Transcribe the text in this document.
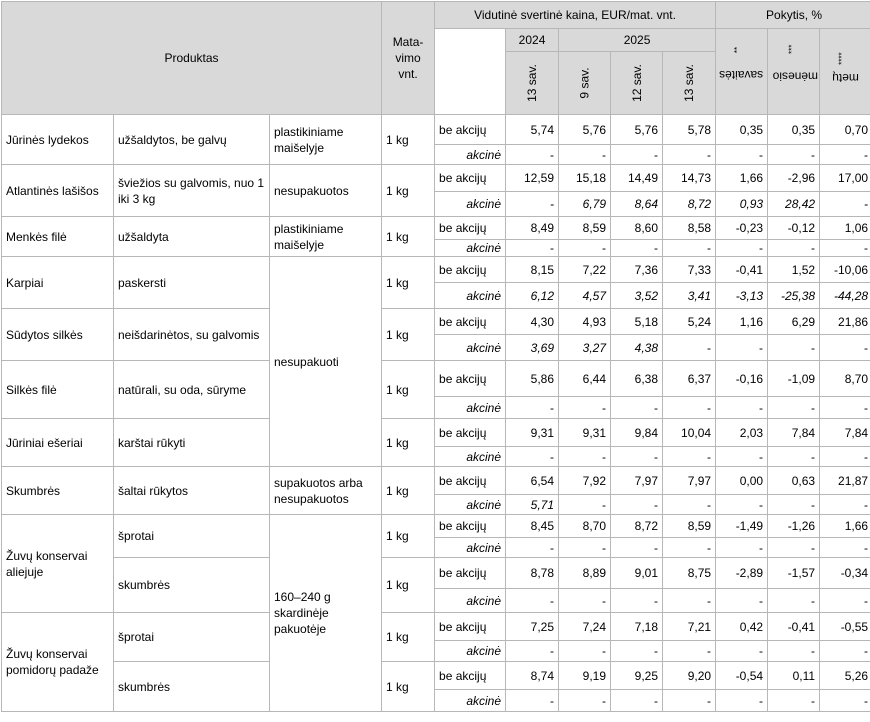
Produktas			Mata-vimo vnt.	Vidutinė svertinė kaina, EUR/mat. vnt.					Pokytis, %		
					2024	2025			savaitės**	mėnesio***	metų****
					13 sav.	9 sav.	12 sav.	13 sav.			
Jūrinės lydekos	užšaldytos, be galvų	plastikiniame maišelyje	1 kg	be akcijų	5,74	5,76	5,76	5,78	0,35	0,35	0,70
				akcinė	-	-	-	-	-	-	-
Atlantinės lašišos	šviežios su galvomis, nuo 1 iki 3 kg	nesupakuotos	1 kg	be akcijų	12,59	15,18	14,49	14,73	1,66	-2,96	17,00
				akcinė	-	6,79	8,64	8,72	0,93	28,42	-
Menkės filė	užšaldyta	plastikiniame maišelyje	1 kg	be akcijų	8,49	8,59	8,60	8,58	-0,23	-0,12	1,06
				akcinė	-	-	-	-	-	-	-
Karpiai	paskersti	nesupakuoti	1 kg	be akcijų	8,15	7,22	7,36	7,33	-0,41	1,52	-10,06
				akcinė	6,12	4,57	3,52	3,41	-3,13	-25,38	-44,28
Sūdytos silkės	neišdarinėtos, su galvomis		1 kg	be akcijų	4,30	4,93	5,18	5,24	1,16	6,29	21,86
				akcinė	3,69	3,27	4,38	-	-	-	-
Silkės filė	natūrali, su oda, sūryme		1 kg	be akcijų	5,86	6,44	6,38	6,37	-0,16	-1,09	8,70
				akcinė	-	-	-	-	-	-	-
Jūriniai ešeriai	karštai rūkyti		1 kg	be akcijų	9,31	9,31	9,84	10,04	2,03	7,84	7,84
				akcinė	-	-	-	-	-	-	-
Skumbrės	šaltai rūkytos	supakuotos arba nesupakuotos	1 kg	be akcijų	6,54	7,92	7,97	7,97	0,00	0,63	21,87
				akcinė	5,71	-	-	-	-	-	-
Žuvų konservai aliejuje	šprotai	160–240 g skardinėje pakuotėje	1 kg	be akcijų	8,45	8,70	8,72	8,59	-1,49	-1,26	1,66
				akcinė	-	-	-	-	-	-	-
	skumbrės		1 kg	be akcijų	8,78	8,89	9,01	8,75	-2,89	-1,57	-0,34
				akcinė	-	-	-	-	-	-	-
Žuvų konservai pomidorų padaže	šprotai		1 kg	be akcijų	7,25	7,24	7,18	7,21	0,42	-0,41	-0,55
				akcinė	-	-	-	-	-	-	-
	skumbrės		1 kg	be akcijų	8,74	9,19	9,25	9,20	-0,54	0,11	5,26
				akcinė	-	-	-	-	-	-	-
